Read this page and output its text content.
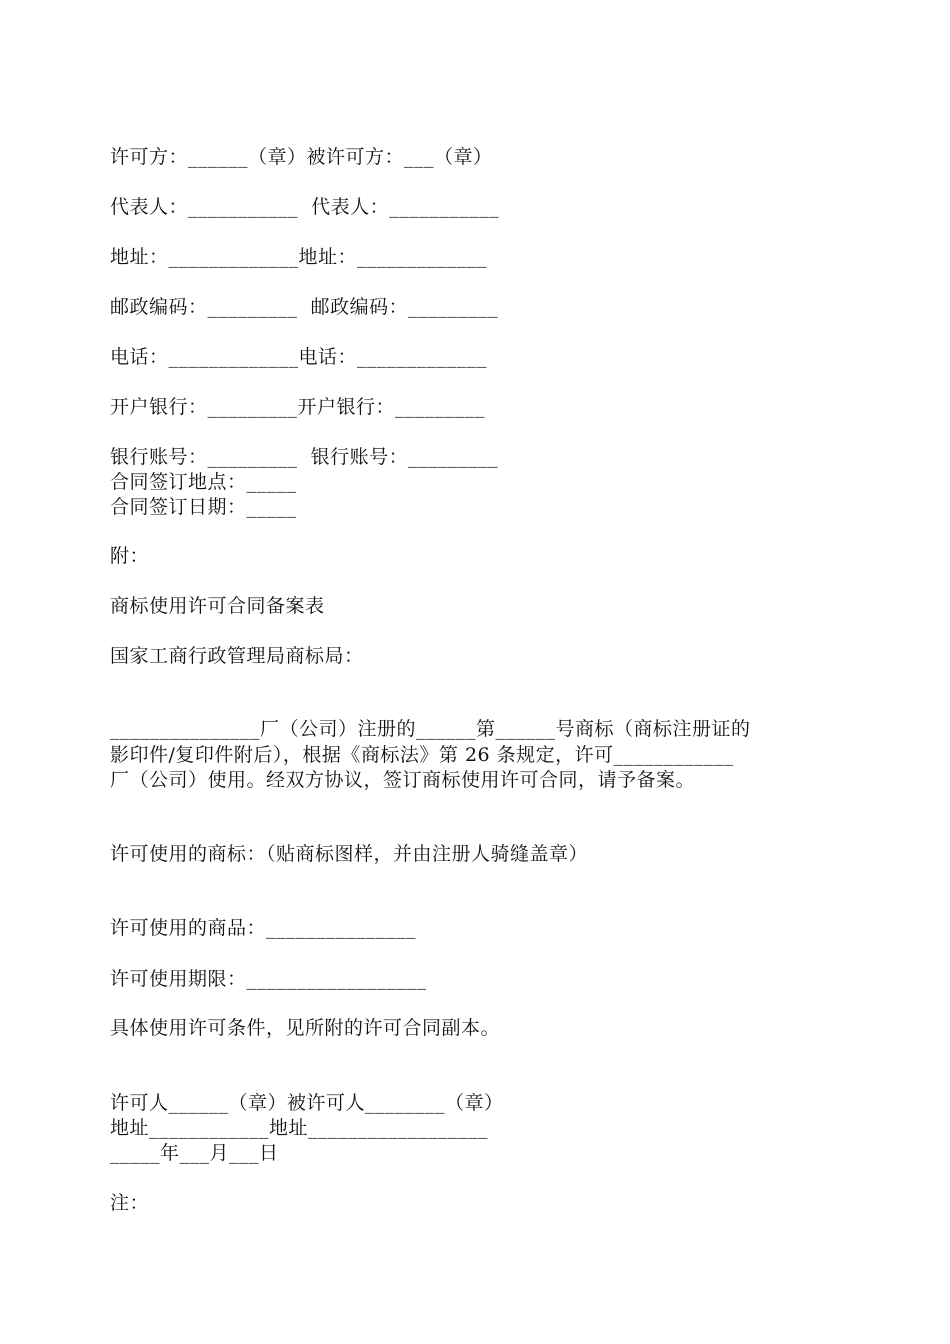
许可方：______（章）被许可方：___（章）
代表人：___________  代表人：___________
地址：_____________地址：_____________
邮政编码：_________  邮政编码：_________
电话：_____________电话：_____________
开户银行：_________开户银行：_________
银行账号：_________  银行账号：_________
合同签订地点：_____
合同签订日期：_____
附：
商标使用许可合同备案表
国家工商行政管理局商标局：
_______________厂（公司）注册的______第______号商标（商标注册证的
影印件/复印件附后），根据《商标法》第 26 条规定，许可____________
厂（公司）使用。经双方协议，签订商标使用许可合同，请予备案。
许可使用的商标：（贴商标图样，并由注册人骑缝盖章）
许可使用的商品：_______________
许可使用期限：__________________
具体使用许可条件，见所附的许可合同副本。
许可人______（章）被许可人________（章）
地址____________地址__________________
_____年___月___日
注：
